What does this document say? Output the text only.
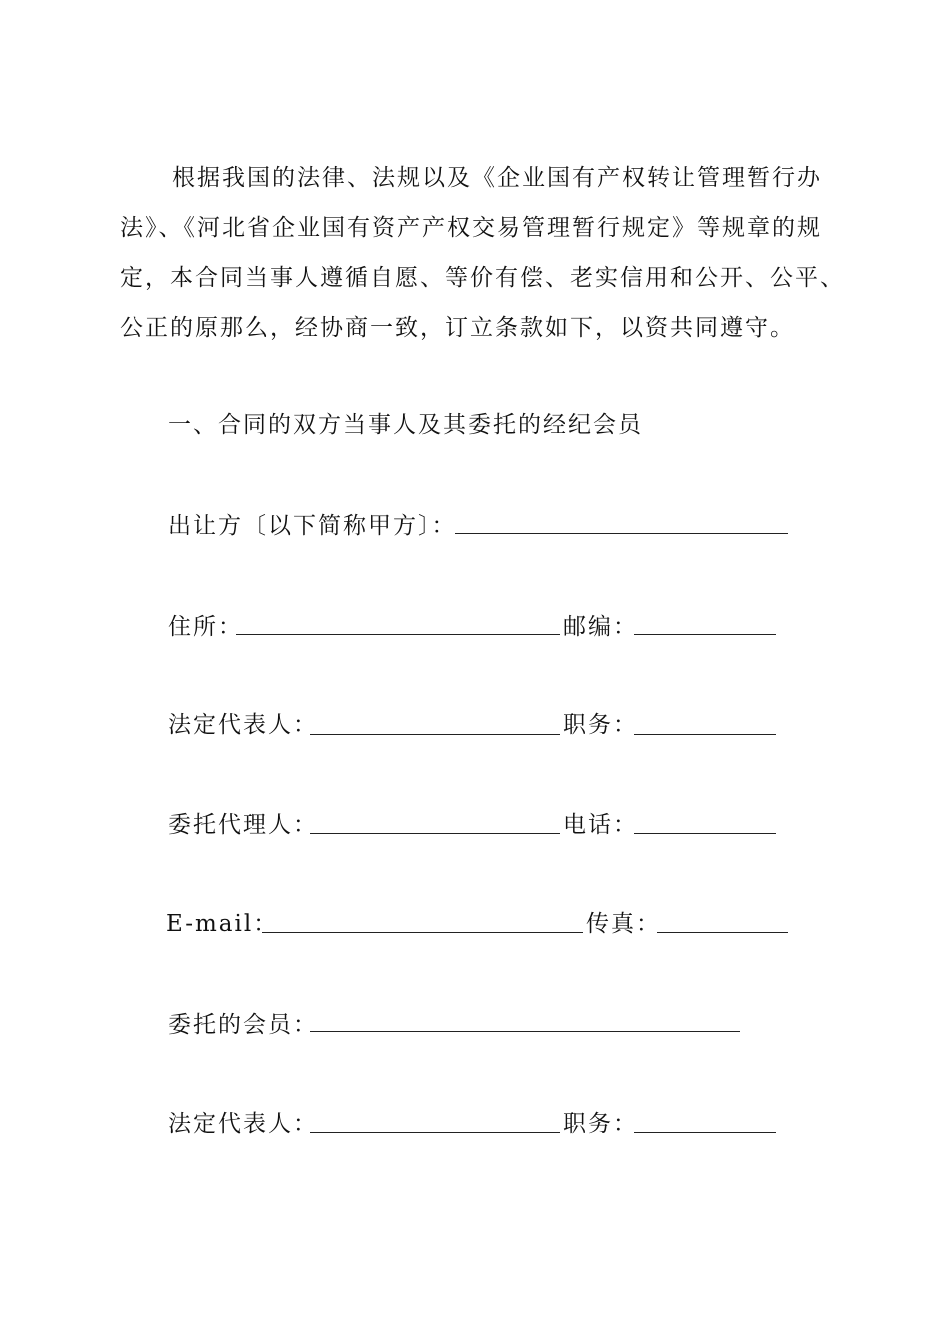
根据我国的法律、法规以及《企业国有产权转让管理暂行办
法》、《河北省企业国有资产产权交易管理暂行规定》等规章的规
定，本合同当事人遵循自愿、等价有偿、老实信用和公开、公平、
公正的原那么，经协商一致，订立条款如下，以资共同遵守。
一、合同的双方当事人及其委托的经纪会员
出让方〔以下简称甲方〕：
住所：	邮编：
法定代表人：	职务：
委托代理人：	电话：
E-mail：	传真：
委托的会员：
法定代表人：	职务：
